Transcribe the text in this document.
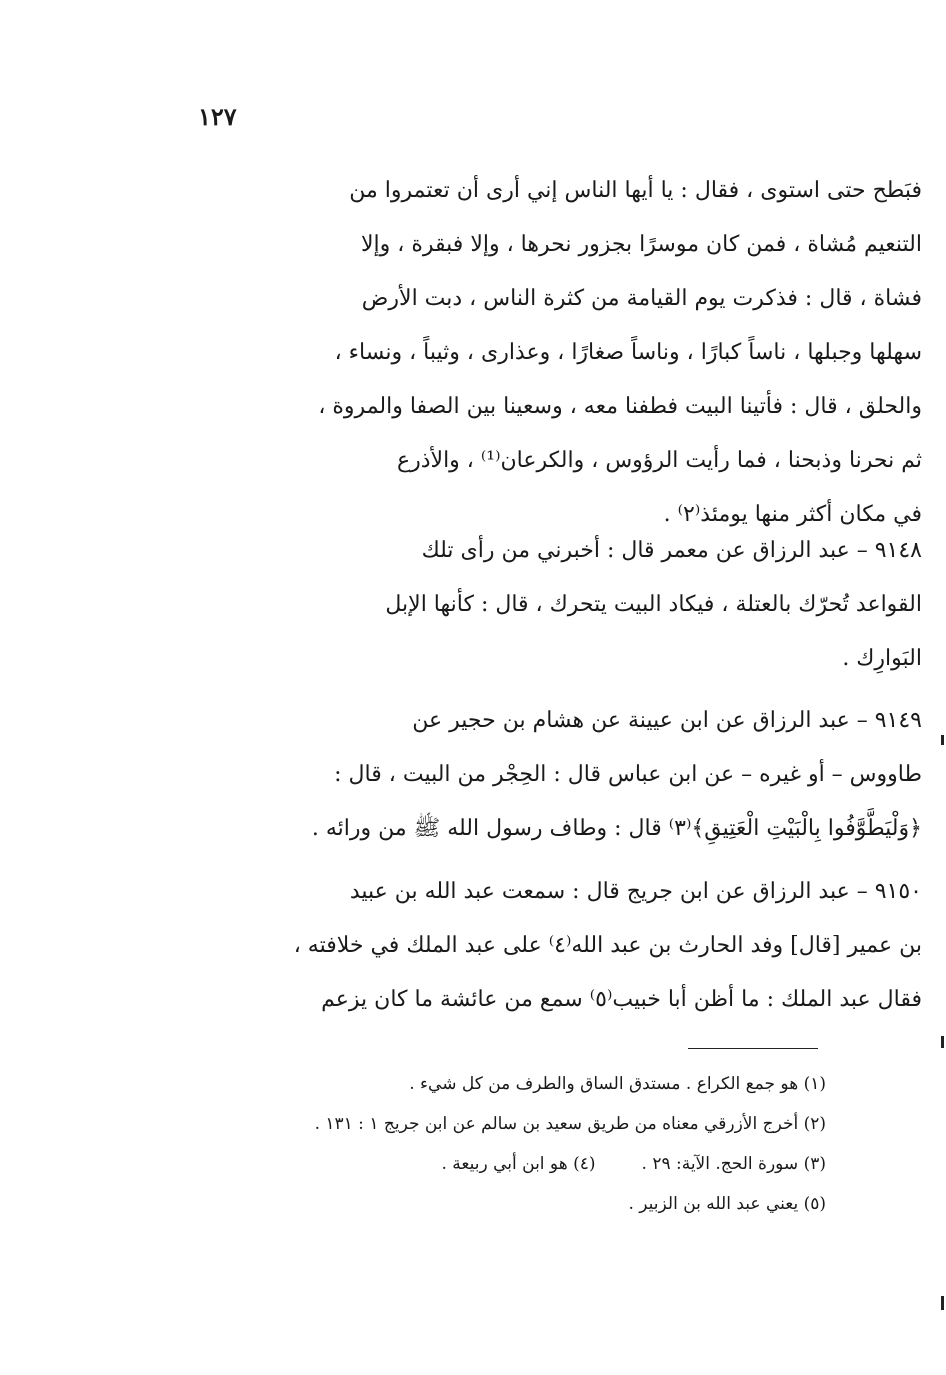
١٢٧
فبَطح حتى استوى ، فقال : يا أيها الناس إني أرى أن تعتمروا من
التنعيم مُشاة ، فمن كان موسرًا بجزور نحرها ، وإلا فبقرة ، وإلا
فشاة ، قال : فذكرت يوم القيامة من كثرة الناس ، دبت الأرض
سهلها وجبلها ، ناساً كبارًا ، وناساً صغارًا ، وعذارى ، وثيباً ، ونساء ،
والحلق ، قال : فأتينا البيت فطفنا معه ، وسعينا بين الصفا والمروة ،
ثم نحرنا وذبحنا ، فما رأيت الرؤوس ، والكرعان⁽¹⁾ ، والأذرع
في مكان أكثر منها يومئذ⁽٢⁾ .
٩١٤٨ – عبد الرزاق عن معمر قال : أخبرني من رأى تلك
القواعد تُحرّك بالعتلة ، فيكاد البيت يتحرك ، قال : كأنها الإبل
البَوارِك .
٩١٤٩ – عبد الرزاق عن ابن عيينة عن هشام بن حجير عن
طاووس – أو غيره – عن ابن عباس قال : الحِجْر من البيت ، قال :
﴿وَلْيَطَّوَّفُوا بِالْبَيْتِ الْعَتِيقِ﴾⁽٣⁾ قال : وطاف رسول الله ﷺ من ورائه .
٩١٥٠ – عبد الرزاق عن ابن جريج قال : سمعت عبد الله بن عبيد
بن عمير [قال] وفد الحارث بن عبد الله⁽٤⁾ على عبد الملك في خلافته ،
فقال عبد الملك : ما أظن أبا خبيب⁽٥⁾ سمع من عائشة ما كان يزعم
(١) هو جمع الكراع . مستدق الساق والطرف من كل شيء .
(٢) أخرج الأزرقي معناه من طريق سعيد بن سالم عن ابن جريج ١ : ١٣١ .
(٣) سورة الحج. الآية: ٢٩ .(٤) هو ابن أبي ربيعة .
(٥) يعني عبد الله بن الزبير .
